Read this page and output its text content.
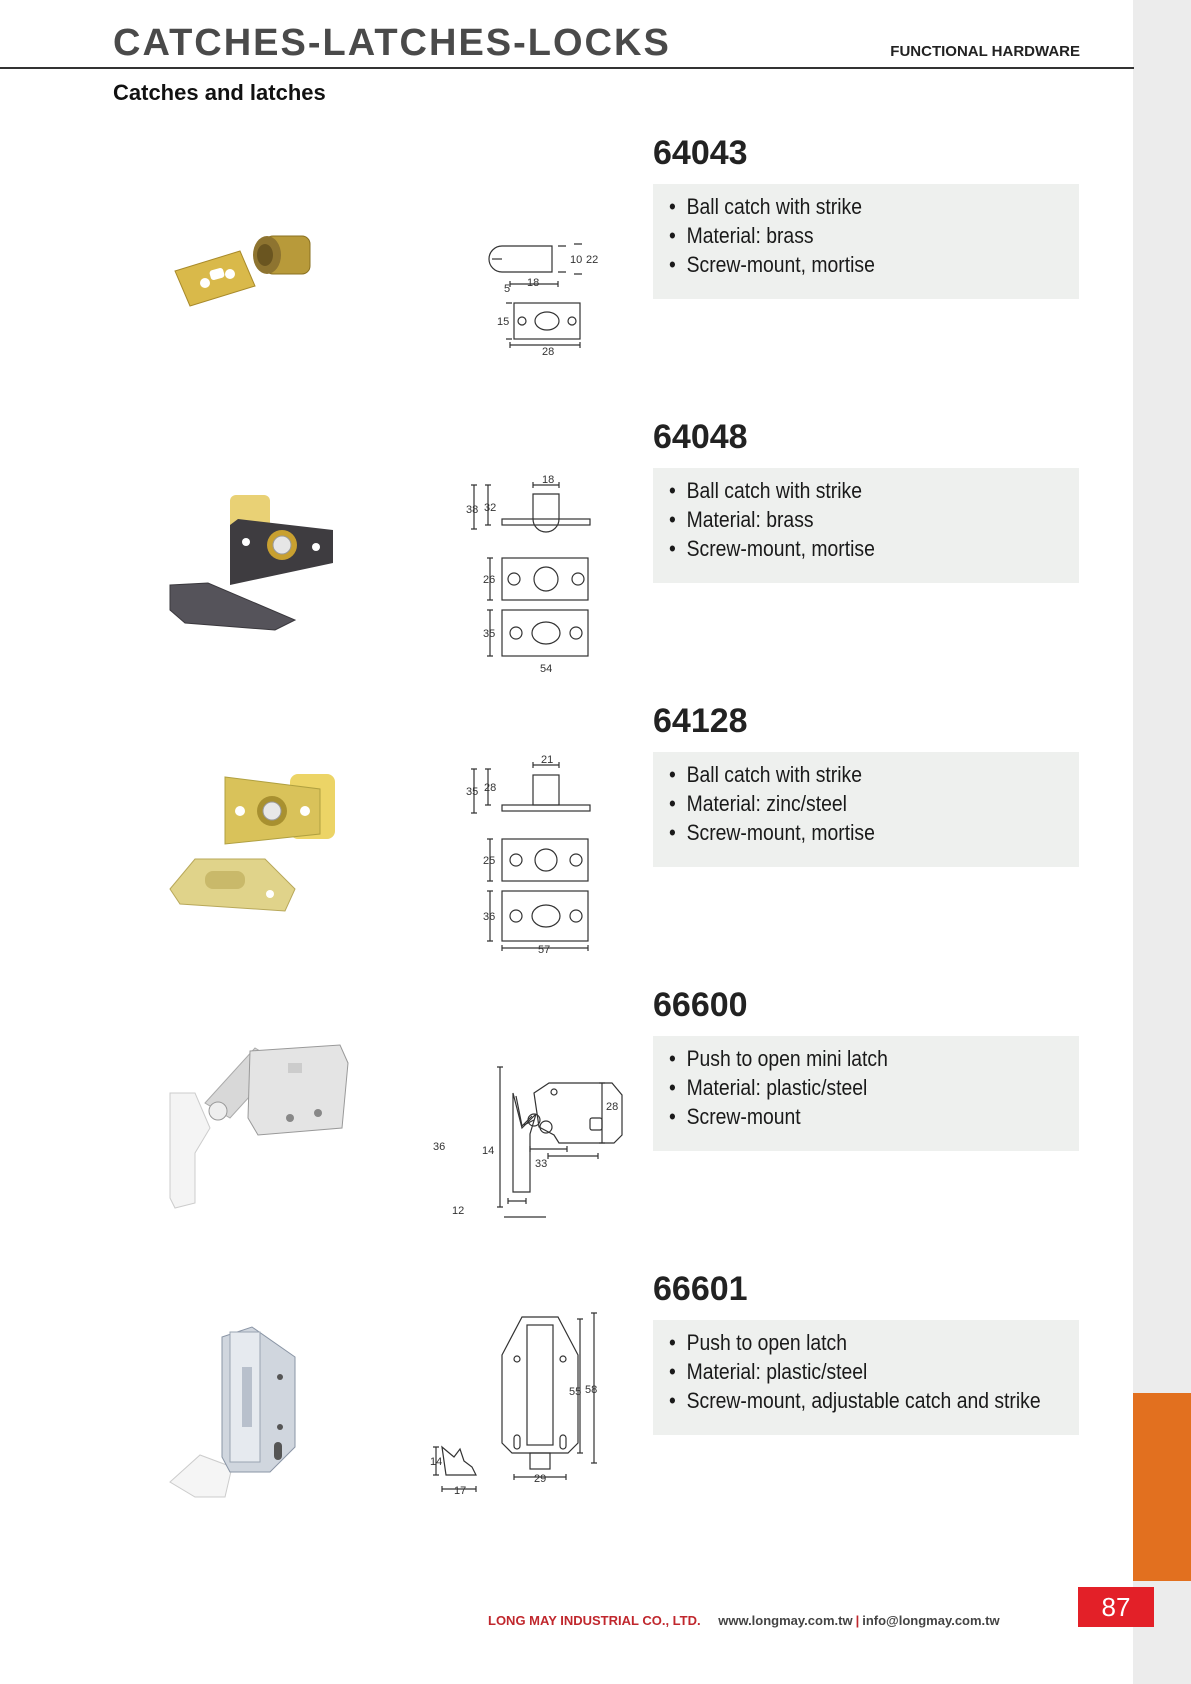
87
CATCHES-LATCHES-LOCKS	FUNCTIONAL HARDWARE
Catches and latches
10 22
18
5
15
28
64043
• Ball catch with strike
• Material: brass
• Screw-mount, mortise
18
38 32
26
35
54
64048
• Ball catch with strike
• Material: brass
• Screw-mount, mortise
21
35 28
25
36
57
64128
• Ball catch with strike
• Material: zinc/steel
• Screw-mount, mortise
28
36	14
33
12
66600
• Push to open mini latch
• Material: plastic/steel
• Screw-mount
55 58
14
17
29
66601
• Push to open latch
• Material: plastic/steel
• Screw-mount, adjustable catch and strike
LONG MAY INDUSTRIAL CO., LTD. www.longmay.com.tw | info@longmay.com.tw
